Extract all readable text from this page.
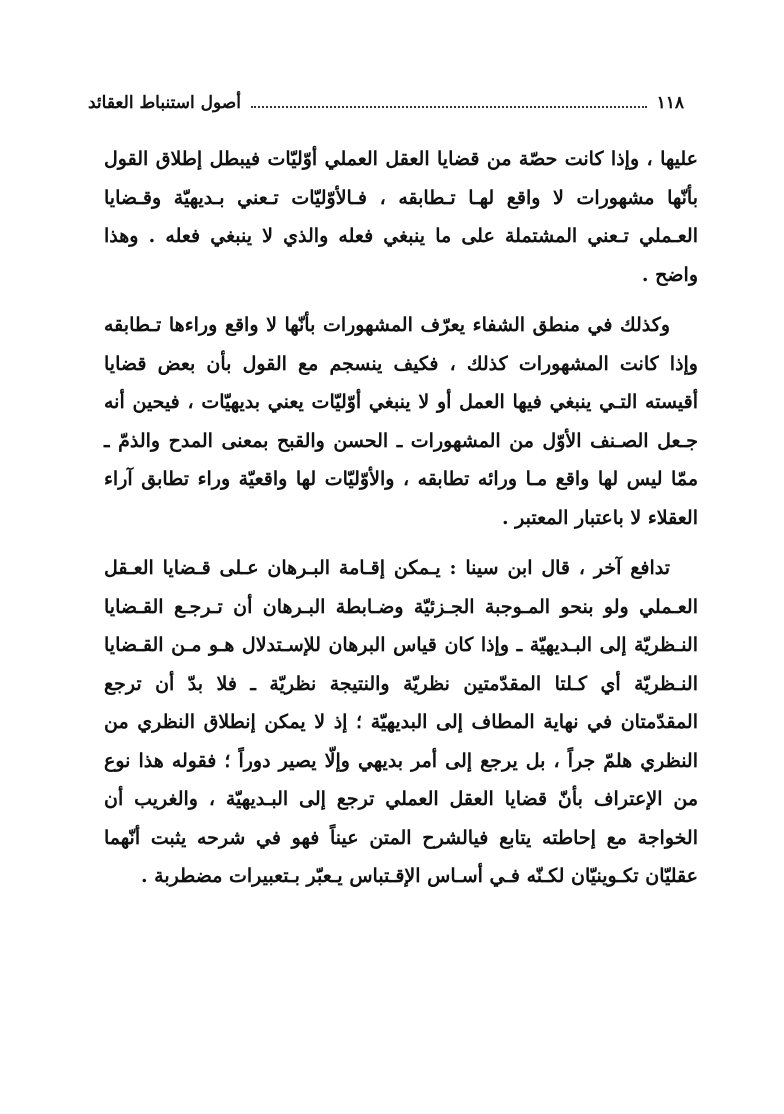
١١٨
أصول استنباط العقائد

عليها ، وإذا كانت حصّة من قضايا العقل العملي أوّليّات فيبطل إطلاق القول بأنّها مشهورات لا واقع لهـا تـطابقه ، فـالأوّليّات تـعني بـديهيّة وقـضايا العـملي تـعني المشتملة على ما ينبغي فعله والذي لا ينبغي فعله . وهذا واضح .

وكذلك في منطق الشفاء يعرّف المشهورات بأنّها لا واقع وراءها تـطابقه وإذا كانت المشهورات كذلك ، فكيف ينسجم مع القول بأن بعض قضايا أقيسته التـي ينبغي فيها العمل أو لا ينبغي أوّليّات يعني بديهيّات ، فيحين أنه جـعل الصـنف الأوّل من المشهورات ـ الحسن والقبح بمعنى المدح والذمّ ـ ممّا ليس لها واقع مـا ورائه تطابقه ، والأوّليّات لها واقعيّة وراء تطابق آراء العقلاء لا باعتبار المعتبر .

تدافع آخر ، قال ابن سينا : يـمكن إقـامة البـرهان عـلى قـضايا العـقل العـملي ولو بنحو المـوجبة الجـزئيّة وضـابطة البـرهان أن تـرجـع القـضايا النـظريّة إلى البـديهيّة ـ وإذا كان قياس البرهان للإسـتدلال هـو مـن القـضايا النـظريّة أي كـلتا المقدّمتين نظريّة والنتيجة نظريّة ـ فلا بدّ أن ترجع المقدّمتان في نهاية المطاف إلى البديهيّة ؛ إذ لا يمكن إنطلاق النظري من النظري هلمّ جراً ، بل يرجع إلى أمر بديهي وإلّا يصير دوراً ؛ فقوله هذا نوع من الإعتراف بأنّ قضايا العقل العملي ترجع إلى البـديهيّة ، والغريب أن الخواجة مع إحاطته يتابع فيالشرح المتن عيناً فهو في شرحه يثبت أنّهما عقليّان تكـوينيّان لكـنّه فـي أسـاس الإقـتباس يـعبّر بـتعبيرات مضطربة .
